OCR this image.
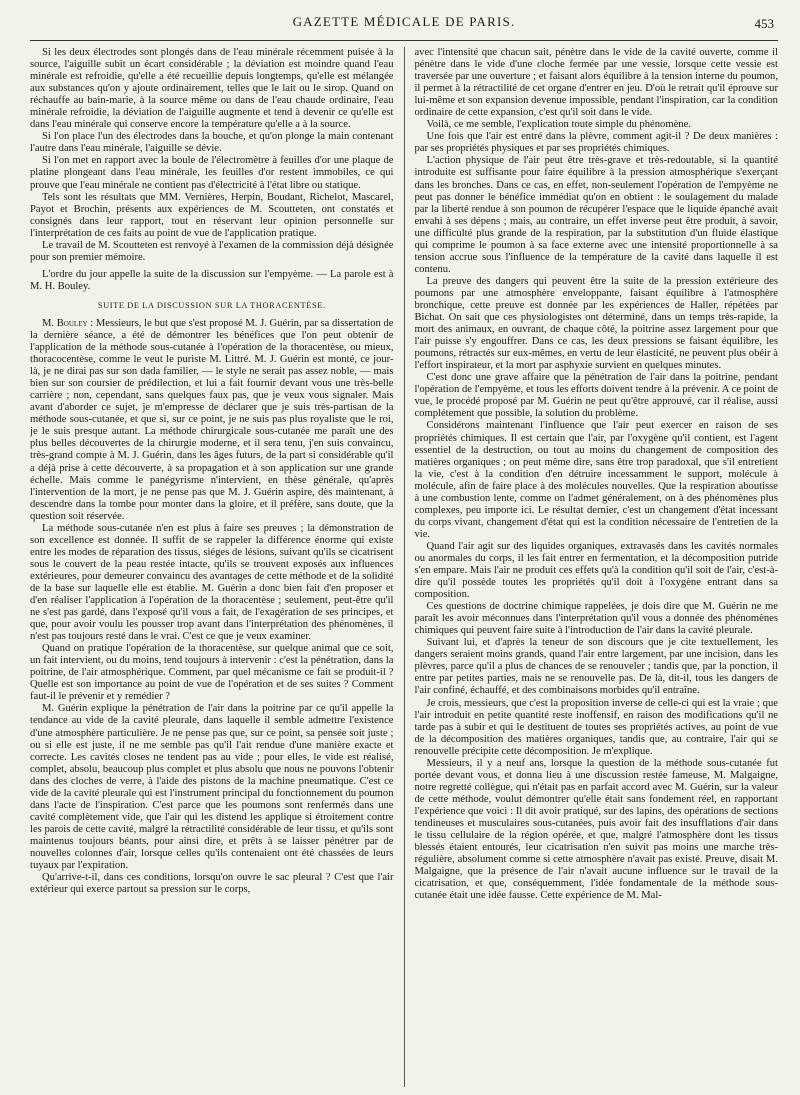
GAZETTE MÉDICALE DE PARIS.	453

Si les deux électrodes sont plongés dans de l'eau minérale récemment puisée à la source, l'aiguille subit un écart considérable ; la déviation est moindre quand l'eau minérale est refroidie, qu'elle a été recueillie depuis longtemps, qu'elle est mélangée aux substances qu'on y ajoute ordinairement, telles que le lait ou le sirop. Quand on réchauffe au bain-marie, à la source même ou dans de l'eau chaude ordinaire, l'eau minérale refroidie, la déviation de l'aiguille augmente et tend à devenir ce qu'elle est dans l'eau minérale qui conserve encore la température qu'elle a à la source.

Si l'on place l'un des électrodes dans la bouche, et qu'on plonge la main contenant l'autre dans l'eau minérale, l'aiguille se dévie.

Si l'on met en rapport avec la boule de l'électromètre à feuilles d'or une plaque de platine plongeant dans l'eau minérale, les feuilles d'or restent immobiles, ce qui prouve que l'eau minérale ne contient pas d'électricité à l'état libre ou statique.

Tels sont les résultats que MM. Vernières, Herpin, Boudant, Richelot, Mascarel, Payot et Brochin, présents aux expériences de M. Scoutteten, ont constatés et consignés dans leur rapport, tout en réservant leur opinion personnelle sur l'interprétation de ces faits au point de vue de l'application pratique.

Le travail de M. Scoutteten est renvoyé à l'examen de la commission déjà désignée pour son premier mémoire.

L'ordre du jour appelle la suite de la discussion sur l'empyème. — La parole est à M. H. Bouley.

SUITE DE LA DISCUSSION SUR LA THORACENTÈSE.

M. Bouley : Messieurs, le but que s'est proposé M. J. Guérin, par sa dissertation de la dernière séance, a été de démontrer les bénéfices que l'on peut obtenir de l'application de la méthode sous-cutanée à l'opération de la thoracentèse, ou mieux, thoracocentèse, comme le veut le puriste M. Littré. M. J. Guérin est monté, ce jour-là, je ne dirai pas sur son dada familier, — le style ne serait pas assez noble, — mais bien sur son coursier de prédilection, et lui a fait fournir devant vous une très-belle carrière ; non, cependant, sans quelques faux pas, que je veux vous signaler. Mais avant d'aborder ce sujet, je m'empresse de déclarer que je suis très-partisan de la méthode sous-cutanée, et que si, sur ce point, je ne suis pas plus royaliste que le roi, je le suis presque autant. La méthode chirurgicale sous-cutanée me paraît une des plus belles découvertes de la chirurgie moderne, et il sera tenu, j'en suis convaincu, très-grand compte à M. J. Guérin, dans les âges futurs, de la part si considérable qu'il a déjà prise à cette découverte, à sa propagation et à son application sur une grande échelle. Mais comme le panégyrisme n'intervient, en thèse générale, qu'après l'intervention de la mort, je ne pense pas que M. J. Guérin aspire, dès maintenant, à descendre dans la tombe pour monter dans la gloire, et il préfère, sans doute, que la question soit réservée.

La méthode sous-cutanée n'en est plus à faire ses preuves ; la démonstration de son excellence est donnée. Il suffit de se rappeler la différence énorme qui existe entre les modes de réparation des tissus, siéges de lésions, suivant qu'ils se cicatrisent sous le couvert de la peau restée intacte, qu'ils se trouvent exposés aux influences extérieures, pour demeurer convaincu des avantages de cette méthode et de la solidité de la base sur laquelle elle est établie. M. Guérin a donc bien fait d'en proposer et d'en réaliser l'application à l'opération de la thoracentèse ; seulement, peut-être qu'il ne s'est pas gardé, dans l'exposé qu'il vous a fait, de l'exagération de ses principes, et que, pour avoir voulu les pousser trop avant dans l'interprétation des phénomènes, il n'est pas toujours resté dans le vrai. C'est ce que je veux examiner.

Quand on pratique l'opération de la thoracentèse, sur quelque animal que ce soit, un fait intervient, ou du moins, tend toujours à intervenir : c'est la pénétration, dans la poitrine, de l'air atmosphérique. Comment, par quel mécanisme ce fait se produit-il ? Quelle est son importance au point de vue de l'opération et de ses suites ? Comment faut-il le prévenir et y remédier ?

M. Guérin explique la pénétration de l'air dans la poitrine par ce qu'il appelle la tendance au vide de la cavité pleurale, dans laquelle il semble admettre l'existence d'une atmosphère particulière. Je ne pense pas que, sur ce point, sa pensée soit juste ; ou si elle est juste, il ne me semble pas qu'il l'ait rendue d'une manière exacte et correcte. Les cavités closes ne tendent pas au vide ; pour elles, le vide est réalisé, complet, absolu, beaucoup plus complet et plus absolu que nous ne pouvons l'obtenir dans des cloches de verre, à l'aide des pistons de la machine pneumatique. C'est ce vide de la cavité pleurale qui est l'instrument principal du fonctionnement du poumon dans l'acte de l'inspiration. C'est parce que les poumons sont renfermés dans une cavité complètement vide, que l'air qui les distend les applique si étroitement contre les parois de cette cavité, malgré la rétractilité considérable de leur tissu, et qu'ils sont maintenus toujours béants, pour ainsi dire, et prêts à se laisser pénétrer par de nouvelles colonnes d'air, lorsque celles qu'ils contenaient ont été chassées de leurs tuyaux par l'expiration.

Qu'arrive-t-il, dans ces conditions, lorsqu'on ouvre le sac pleural ? C'est que l'air extérieur qui exerce partout sa pression sur le corps,

avec l'intensité que chacun sait, pénètre dans le vide de la cavité ouverte, comme il pénètre dans le vide d'une cloche fermée par une vessie, lorsque cette vessie est traversée par une ouverture ; et faisant alors équilibre à la tension interne du poumon, il permet à la rétractilité de cet organe d'entrer en jeu. D'où le retrait qu'il éprouve sur lui-même et son expansion devenue impossible, pendant l'inspiration, car la condition ordinaire de cette expansion, c'est qu'il soit dans le vide.

Voilà, ce me semble, l'explication toute simple du phénomène.

Une fois que l'air est entré dans la plèvre, comment agit-il ? De deux manières : par ses propriétés physiques et par ses propriétés chimiques.

L'action physique de l'air peut être très-grave et très-redoutable, si la quantité introduite est suffisante pour faire équilibre à la pression atmosphérique s'exerçant dans les bronches. Dans ce cas, en effet, non-seulement l'opération de l'empyème ne peut pas donner le bénéfice immédiat qu'on en obtient : le soulagement du malade par la liberté rendue à son poumon de récupérer l'espace que le liquide épanché avait envahi à ses dépens ; mais, au contraire, un effet inverse peut être produit, à savoir, une difficulté plus grande de la respiration, par la substitution d'un fluide élastique qui comprime le poumon à sa face externe avec une intensité proportionnelle à sa tension accrue sous l'influence de la température de la cavité dans laquelle il est contenu.

La preuve des dangers qui peuvent être la suite de la pression extérieure des poumons par une atmosphère enveloppante, faisant équilibre à l'atmosphère bronchique, cette preuve est donnée par les expériences de Haller, répétées par Bichat. On sait que ces physiologistes ont déterminé, dans un temps très-rapide, la mort des animaux, en ouvrant, de chaque côté, la poitrine assez largement pour que l'air puisse s'y engouffrer. Dans ce cas, les deux pressions se faisant équilibre, les poumons, rétractés sur eux-mêmes, en vertu de leur élasticité, ne peuvent plus obéir à l'effort inspirateur, et la mort par asphyxie survient en quelques minutes.

C'est donc une grave affaire que la pénétration de l'air dans la poitrine, pendant l'opération de l'empyème, et tous les efforts doivent tendre à la prévenir. A ce point de vue, le procédé proposé par M. Guérin ne peut qu'être approuvé, car il réalise, aussi complétement que possible, la solution du problème.

Considérons maintenant l'influence que l'air peut exercer en raison de ses propriétés chimiques. Il est certain que l'air, par l'oxygène qu'il contient, est l'agent essentiel de la destruction, ou tout au moins du changement de composition des matières organiques ; on peut même dire, sans être trop paradoxal, que s'il entretient la vie, c'est à la condition d'en détruire incessamment le support, molécule à molécule, afin de faire place à des molécules nouvelles. Que la respiration aboutisse à une combustion lente, comme on l'admet généralement, on à des phénomènes plus complexes, peu importe ici. Le résultat dernier, c'est un changement d'état incessant du corps vivant, changement d'état qui est la condition nécessaire de l'entretien de la vie.

Quand l'air agit sur des liquides organiques, extravasés dans les cavités normales ou anormales du corps, il les fait entrer en fermentation, et la décomposition putride s'en empare. Mais l'air ne produit ces effets qu'à la condition qu'il soit de l'air, c'est-à-dire qu'il possède toutes les propriétés qu'il doit à l'oxygène entrant dans sa composition.

Ces questions de doctrine chimique rappelées, je dois dire que M. Guérin ne me paraît les avoir méconnues dans l'interprétation qu'il vous a donnée des phénomènes chimiques qui peuvent faire suite à l'introduction de l'air dans la cavité pleurale.

Suivant lui, et d'après la teneur de son discours que je cite textuellement, les dangers seraient moins grands, quand l'air entre largement, par une incision, dans les plèvres, parce qu'il a plus de chances de se renouveler ; tandis que, par la ponction, il entre par petites parties, mais ne se renouvelle pas. De là, dit-il, tous les dangers de l'air confiné, échauffé, et des combinaisons morbides qu'il entraîne.

Je crois, messieurs, que c'est la proposition inverse de celle-ci qui est la vraie ; que l'air introduit en petite quantité reste inoffensif, en raison des modifications qu'il ne tarde pas à subir et qui le destituent de toutes ses propriétés actives, au point de vue de la décomposition des matières organiques, tandis que, au contraire, l'air qui se renouvelle précipite cette décomposition. Je m'explique.

Messieurs, il y a neuf ans, lorsque la question de la méthode sous-cutanée fut portée devant vous, et donna lieu à une discussion restée fameuse, M. Malgaigne, notre regretté collègue, qui n'était pas en parfait accord avec M. Guérin, sur la valeur de cette méthode, voulut démontrer qu'elle était sans fondement réel, en rapportant l'expérience que voici : Il dit avoir pratiqué, sur des lapins, des opérations de sections tendineuses et musculaires sous-cutanées, puis avoir fait des insufflations d'air dans le tissu cellulaire de la région opérée, et que, malgré l'atmosphère dont les tissus blessés étaient entourés, leur cicatrisation n'en suivit pas moins une marche très-régulière, absolument comme si cette atmosphère n'avait pas existé. Preuve, disait M. Malgaigne, que la présence de l'air n'avait aucune influence sur le travail de la cicatrisation, et que, conséquemment, l'idée fondamentale de la méthode sous-cutanée était une idée fausse. Cette expérience de M. Mal-
